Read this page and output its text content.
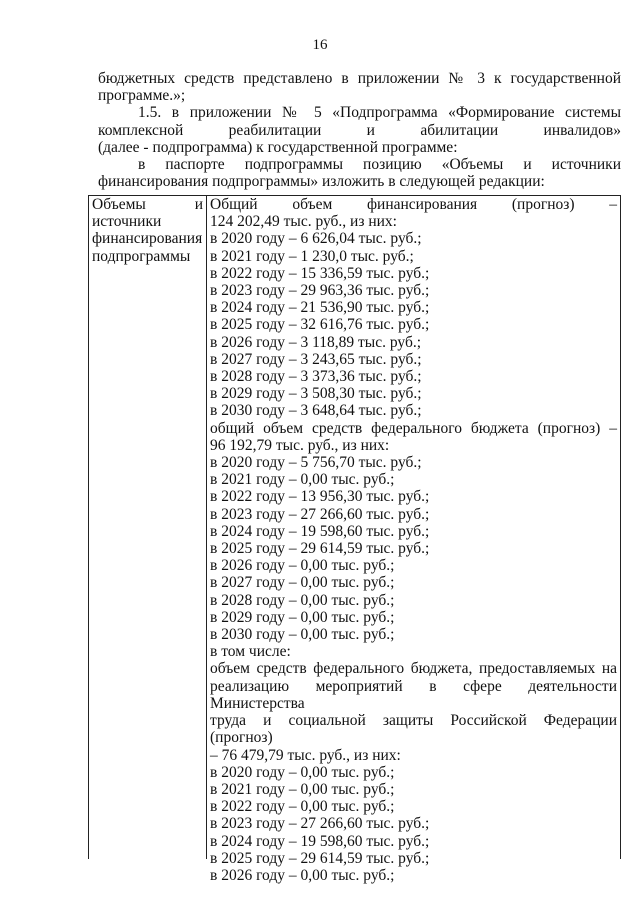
16

бюджетных средств представлено в приложении № 3 к государственной

программе.»;

1.5. в приложении № 5 «Подпрограмма «Формирование системы

комплексной реабилитации и абилитации инвалидов»

(далее - подпрограмма) к государственной программе:

в паспорте подпрограммы позицию «Объемы и источники

финансирования подпрограммы» изложить в следующей редакции:

Объемы и

источники

финансирования

подпрограммы

Общий объем финансирования (прогноз) –

124 202,49 тыс. руб., из них:

в 2020 году – 6 626,04 тыс. руб.;

в 2021 году – 1 230,0 тыс. руб.;

в 2022 году – 15 336,59 тыс. руб.;

в 2023 году – 29 963,36 тыс. руб.;

в 2024 году – 21 536,90 тыс. руб.;

в 2025 году – 32 616,76 тыс. руб.;

в 2026 году – 3 118,89 тыс. руб.;

в 2027 году – 3 243,65 тыс. руб.;

в 2028 году – 3 373,36 тыс. руб.;

в 2029 году – 3 508,30 тыс. руб.;

в 2030 году – 3 648,64 тыс. руб.;

общий объем средств федерального бюджета (прогноз) –

96 192,79 тыс. руб., из них:

в 2020 году – 5 756,70 тыс. руб.;

в 2021 году – 0,00 тыс. руб.;

в 2022 году – 13 956,30 тыс. руб.;

в 2023 году – 27 266,60 тыс. руб.;

в 2024 году – 19 598,60 тыс. руб.;

в 2025 году – 29 614,59 тыс. руб.;

в 2026 году – 0,00 тыс. руб.;

в 2027 году – 0,00 тыс. руб.;

в 2028 году – 0,00 тыс. руб.;

в 2029 году – 0,00 тыс. руб.;

в 2030 году – 0,00 тыс. руб.;

в том числе:

объем средств федерального бюджета, предоставляемых на

реализацию мероприятий в сфере деятельности Министерства

труда и социальной защиты Российской Федерации (прогноз)

– 76 479,79 тыс. руб., из них:

в 2020 году – 0,00 тыс. руб.;

в 2021 году – 0,00 тыс. руб.;

в 2022 году – 0,00 тыс. руб.;

в 2023 году – 27 266,60 тыс. руб.;

в 2024 году – 19 598,60 тыс. руб.;

в 2025 году – 29 614,59 тыс. руб.;

в 2026 году – 0,00 тыс. руб.;
